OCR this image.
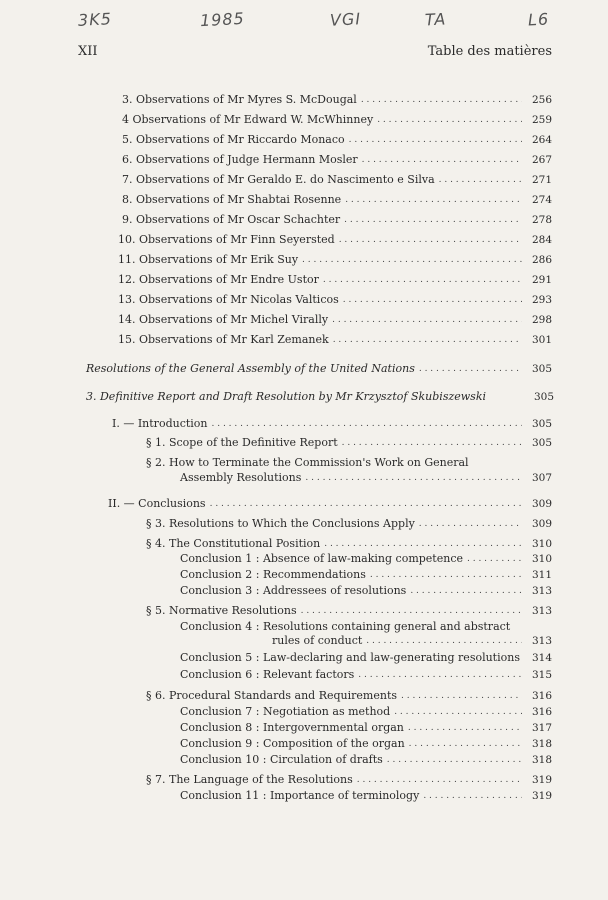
3K5	1985	VGI	TA	L6
XII	Table des matières
3. Observations of Mr Myres S. McDougal . . .	256
4 Observations of Mr Edward W. McWhinney . . .	259
5. Observations of Mr Riccardo Monaco . . .	264
6. Observations of Judge Hermann Mosler . . .	267
7. Observations of Mr Geraldo E. do Nascimento e Silva . . .	271
8. Observations of Mr Shabtai Rosenne . . .	274
9. Observations of Mr Oscar Schachter . . .	278
10. Observations of Mr Finn Seyersted . . .	284
11. Observations of Mr Erik Suy . . .	286
12. Observations of Mr Endre Ustor . . .	291
13. Observations of Mr Nicolas Valticos . . .	293
14. Observations of Mr Michel Virally . . .	298
15. Observations of Mr Karl Zemanek . . .	301
Resolutions of the General Assembly of the United Nations . . .	305
3. Definitive Report and Draft Resolution by Mr Krzysztof Skubiszewski	305
I. — Introduction . . .	305
§ 1. Scope of the Definitive Report . . .	305
§ 2. How to Terminate the Commission's Work on General
Assembly Resolutions . . .	307
II. — Conclusions . . .	309
§ 3. Resolutions to Which the Conclusions Apply . . .	309
§ 4. The Constitutional Position . . .	310
Conclusion 1 : Absence of law-making competence . . .	310
Conclusion 2 : Recommendations . . .	311
Conclusion 3 : Addressees of resolutions . . .	313
§ 5. Normative Resolutions . . .	313
Conclusion 4 : Resolutions containing general and abstract
rules of conduct . . .	313
Conclusion 5 : Law-declaring and law-generating resolutions	314
Conclusion 6 : Relevant factors . . .	315
§ 6. Procedural Standards and Requirements . . .	316
Conclusion 7 : Negotiation as method . . .	316
Conclusion 8 : Intergovernmental organ . . .	317
Conclusion 9 : Composition of the organ . . .	318
Conclusion 10 : Circulation of drafts . . .	318
§ 7. The Language of the Resolutions . . .	319
Conclusion 11 : Importance of terminology . . .	319
